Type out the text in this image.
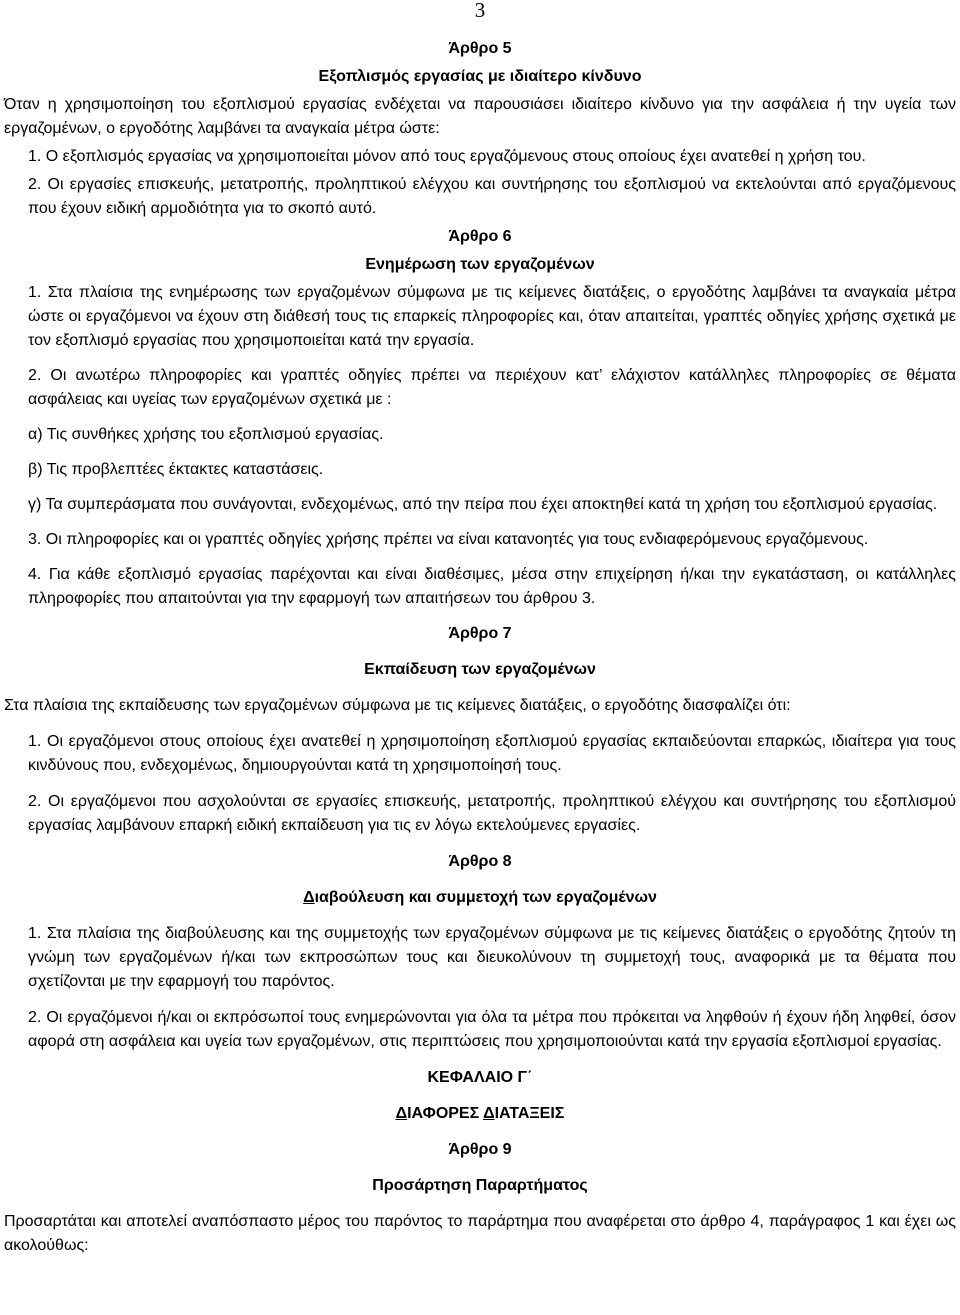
3

Άρθρο 5

Εξοπλισμός εργασίας με ιδιαίτερο κίνδυνο

Όταν η χρησιμοποίηση του εξοπλισμού εργασίας ενδέχεται να παρουσιάσει ιδιαίτερο κίνδυνο για την ασφάλεια ή την υγεία των εργαζομένων, ο εργοδότης λαμβάνει τα αναγκαία μέτρα ώστε:

1. Ο εξοπλισμός εργασίας να χρησιμοποιείται μόνον από τους εργαζόμενους στους οποίους έχει ανατεθεί η χρήση του.

2. Οι εργασίες επισκευής, μετατροπής, προληπτικού ελέγχου και συντήρησης του εξοπλισμού να εκτελούνται από εργαζόμενους που έχουν ειδική αρμοδιότητα για το σκοπό αυτό.

Άρθρο 6

Ενημέρωση των εργαζομένων

1. Στα πλαίσια της ενημέρωσης των εργαζομένων σύμφωνα με τις κείμενες διατάξεις, ο εργοδότης λαμβάνει τα αναγκαία μέτρα ώστε οι εργαζόμενοι να έχουν στη διάθεσή τους τις επαρκείς πληροφορίες και, όταν απαιτείται, γραπτές οδηγίες χρήσης σχετικά με τον εξοπλισμό εργασίας που χρησιμοποιείται κατά την εργασία.

2. Οι ανωτέρω πληροφορίες και γραπτές οδηγίες πρέπει να περιέχουν κατ’ ελάχιστον κατάλληλες πληροφορίες σε θέματα ασφάλειας και υγείας των εργαζομένων σχετικά με :

α) Τις συνθήκες χρήσης του εξοπλισμού εργασίας.

β) Τις προβλεπτέες έκτακτες καταστάσεις.

γ) Τα συμπεράσματα που συνάγονται, ενδεχομένως, από την πείρα που έχει αποκτηθεί κατά τη χρήση του εξοπλισμού εργασίας.

3. Οι πληροφορίες και οι γραπτές οδηγίες χρήσης πρέπει να είναι κατανοητές για τους ενδιαφερόμενους εργαζόμενους.

4. Για κάθε εξοπλισμό εργασίας παρέχονται και είναι διαθέσιμες, μέσα στην επιχείρηση ή/και την εγκατάσταση, οι κατάλληλες πληροφορίες που απαιτούνται για την εφαρμογή των απαιτήσεων του άρθρου 3.

Άρθρο 7

Εκπαίδευση των εργαζομένων

Στα πλαίσια της εκπαίδευσης των εργαζομένων σύμφωνα με τις κείμενες διατάξεις, ο εργοδότης διασφαλίζει ότι:

1. Οι εργαζόμενοι στους οποίους έχει ανατεθεί η χρησιμοποίηση εξοπλισμού εργασίας εκπαιδεύονται επαρκώς, ιδιαίτερα για τους κινδύνους που, ενδεχομένως, δημιουργούνται κατά τη χρησιμοποίησή τους.

2. Οι εργαζόμενοι που ασχολούνται σε εργασίες επισκευής, μετατροπής, προληπτικού ελέγχου και συντήρησης του εξοπλισμού εργασίας λαμβάνουν επαρκή ειδική εκπαίδευση για τις εν λόγω εκτελούμενες εργασίες.

Άρθρο 8

Διαβούλευση και συμμετοχή των εργαζομένων

1. Στα πλαίσια της διαβούλευσης και της συμμετοχής των εργαζομένων σύμφωνα με τις κείμενες διατάξεις ο εργοδότης ζητούν τη γνώμη των εργαζομένων ή/και των εκπροσώπων τους και διευκολύνουν τη συμμετοχή τους, αναφορικά με τα θέματα που σχετίζονται με την εφαρμογή του παρόντος.

2. Οι εργαζόμενοι ή/και οι εκπρόσωποί τους ενημερώνονται για όλα τα μέτρα που πρόκειται να ληφθούν ή έχουν ήδη ληφθεί, όσον αφορά στη ασφάλεια και υγεία των εργαζομένων, στις περιπτώσεις που χρησιμοποιούνται κατά την εργασία εξοπλισμοί εργασίας.

ΚΕΦΑΛΑΙΟ Γ΄

ΔΙΑΦΟΡΕΣ ΔΙΑΤΑΞΕΙΣ

Άρθρο 9

Προσάρτηση Παραρτήματος

Προσαρτάται και αποτελεί αναπόσπαστο μέρος του παρόντος το παράρτημα που αναφέρεται στο άρθρο 4, παράγραφος 1 και έχει ως ακολούθως:
